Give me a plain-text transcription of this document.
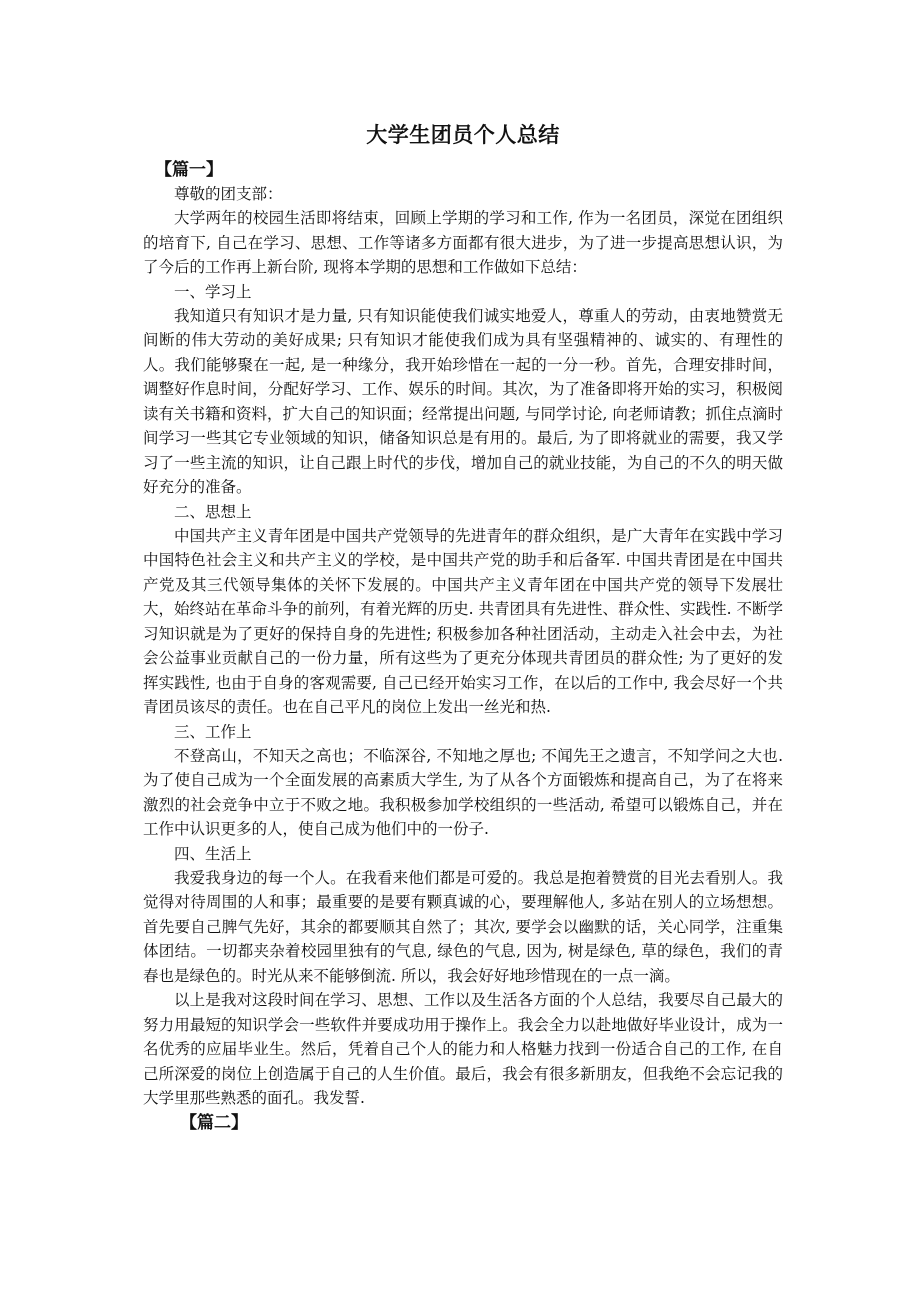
大学生团员个人总结

【篇一】

尊敬的团支部：

大学两年的校园生活即将结束，回顾上学期的学习和工作, 作为一名团员，深觉在团组织的培育下, 自己在学习、思想、工作等诸多方面都有很大进步，为了进一步提高思想认识，为了今后的工作再上新台阶, 现将本学期的思想和工作做如下总结：

一、学习上

我知道只有知识才是力量, 只有知识能使我们诚实地爱人，尊重人的劳动，由衷地赞赏无间断的伟大劳动的美好成果; 只有知识才能使我们成为具有坚强精神的、诚实的、有理性的人。我们能够聚在一起, 是一种缘分，我开始珍惜在一起的一分一秒。首先，合理安排时间，调整好作息时间，分配好学习、工作、娱乐的时间。其次，为了准备即将开始的实习，积极阅读有关书籍和资料，扩大自己的知识面；经常提出问题, 与同学讨论, 向老师请教；抓住点滴时间学习一些其它专业领域的知识，储备知识总是有用的。最后, 为了即将就业的需要，我又学习了一些主流的知识，让自己跟上时代的步伐，增加自己的就业技能，为自己的不久的明天做好充分的准备。

二、思想上

中国共产主义青年团是中国共产党领导的先进青年的群众组织，是广大青年在实践中学习中国特色社会主义和共产主义的学校，是中国共产党的助手和后备军. 中国共青团是在中国共产党及其三代领导集体的关怀下发展的。中国共产主义青年团在中国共产党的领导下发展壮大，始终站在革命斗争的前列，有着光辉的历史. 共青团具有先进性、群众性、实践性. 不断学习知识就是为了更好的保持自身的先进性; 积极参加各种社团活动，主动走入社会中去，为社会公益事业贡献自己的一份力量，所有这些为了更充分体现共青团员的群众性; 为了更好的发挥实践性, 也由于自身的客观需要, 自己已经开始实习工作，在以后的工作中, 我会尽好一个共青团员该尽的责任。也在自己平凡的岗位上发出一丝光和热.

三、工作上

不登高山，不知天之高也；不临深谷, 不知地之厚也; 不闻先王之遗言，不知学问之大也. 为了使自己成为一个全面发展的高素质大学生, 为了从各个方面锻炼和提高自己，为了在将来激烈的社会竞争中立于不败之地。我积极参加学校组织的一些活动, 希望可以锻炼自己，并在工作中认识更多的人，使自己成为他们中的一份子.

四、生活上

我爱我身边的每一个人。在我看来他们都是可爱的。我总是抱着赞赏的目光去看别人。我觉得对待周围的人和事；最重要的是要有颗真诚的心，要理解他人, 多站在别人的立场想想。首先要自己脾气先好，其余的都要顺其自然了；其次, 要学会以幽默的话，关心同学，注重集体团结。一切都夹杂着校园里独有的气息, 绿色的气息, 因为, 树是绿色, 草的绿色，我们的青春也是绿色的。时光从来不能够倒流. 所以，我会好好地珍惜现在的一点一滴。

以上是我对这段时间在学习、思想、工作以及生活各方面的个人总结，我要尽自己最大的努力用最短的知识学会一些软件并要成功用于操作上。我会全力以赴地做好毕业设计，成为一名优秀的应届毕业生。然后，凭着自己个人的能力和人格魅力找到一份适合自己的工作, 在自己所深爱的岗位上创造属于自己的人生价值。最后，我会有很多新朋友，但我绝不会忘记我的大学里那些熟悉的面孔。我发誓.

【篇二】
